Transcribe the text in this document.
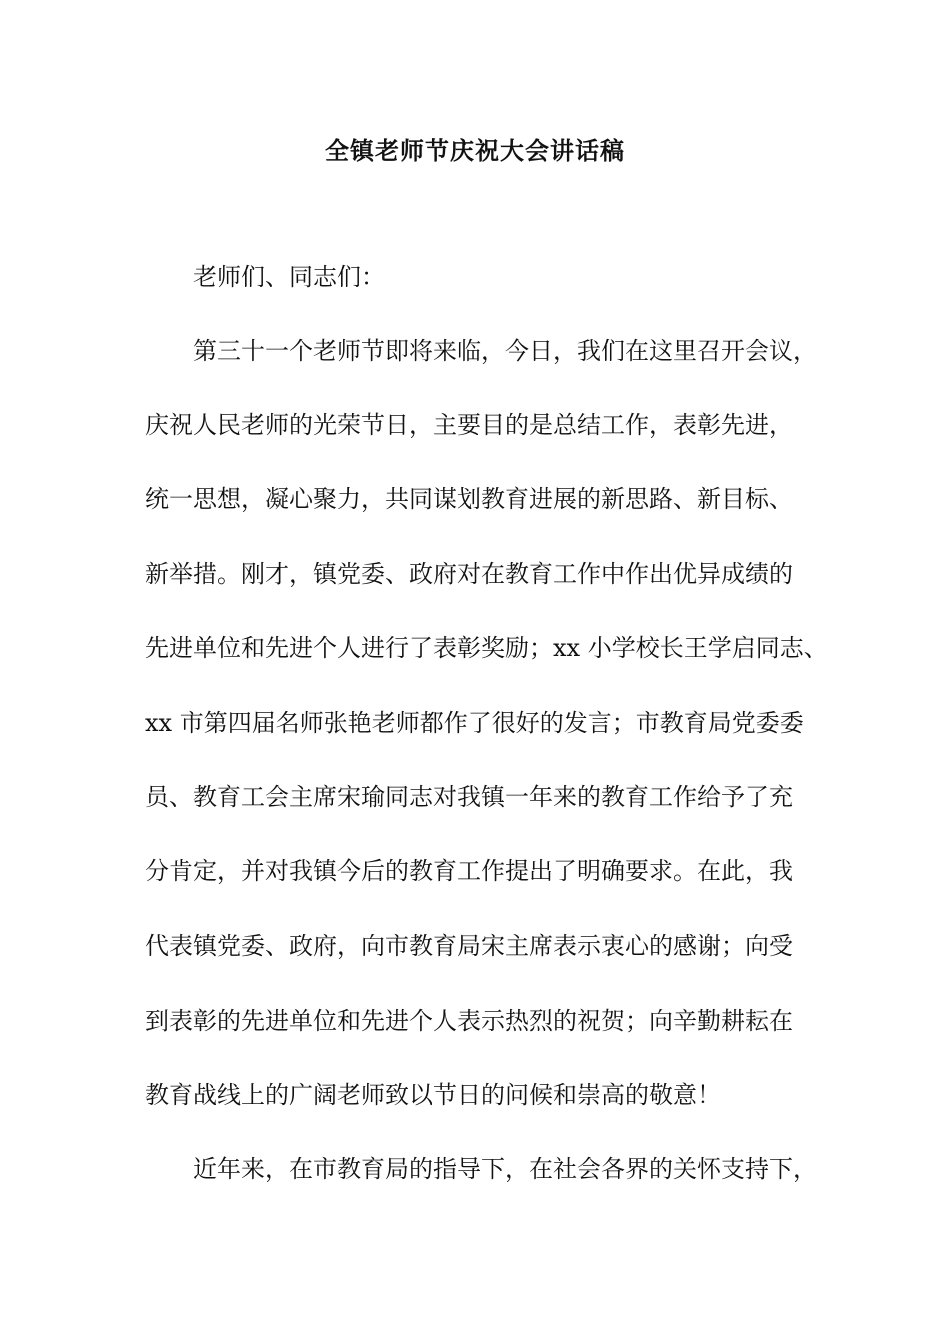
全镇老师节庆祝大会讲话稿

老师们、同志们：

第三十一个老师节即将来临，今日，我们在这里召开会议，

庆祝人民老师的光荣节日，主要目的是总结工作，表彰先进，

统一思想，凝心聚力，共同谋划教育进展的新思路、新目标、

新举措。刚才，镇党委、政府对在教育工作中作出优异成绩的

先进单位和先进个人进行了表彰奖励；xx 小学校长王学启同志、

xx 市第四届名师张艳老师都作了很好的发言；市教育局党委委

员、教育工会主席宋瑜同志对我镇一年来的教育工作给予了充

分肯定，并对我镇今后的教育工作提出了明确要求。在此，我

代表镇党委、政府，向市教育局宋主席表示衷心的感谢；向受

到表彰的先进单位和先进个人表示热烈的祝贺；向辛勤耕耘在

教育战线上的广阔老师致以节日的问候和崇高的敬意！

近年来，在市教育局的指导下，在社会各界的关怀支持下，
